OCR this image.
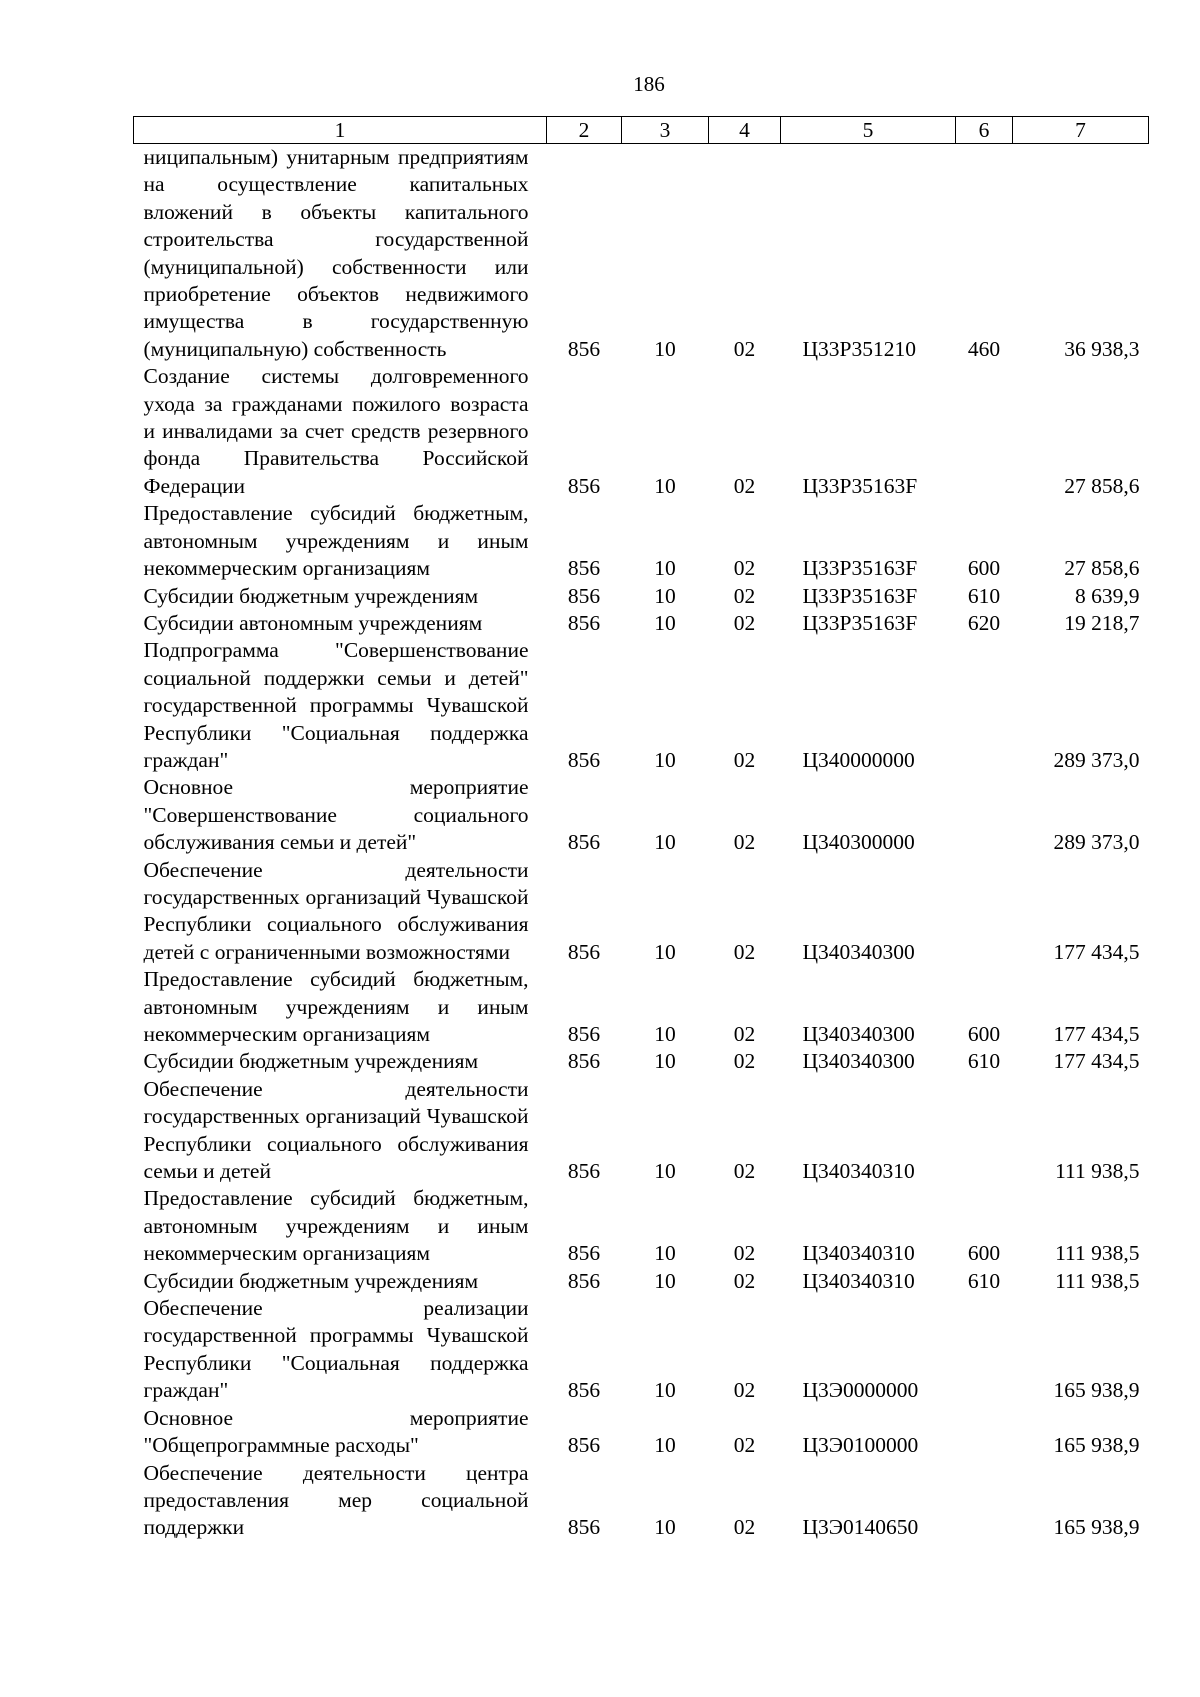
186
1	2	3	4	5	6	7
ниципальным) унитарным предприятиям на осуществление капитальных вложений в объекты капитального строительства государственной (муниципальной) собственности или приобретение объектов недвижимого имущества в государственную (муниципальную) собственность	856	10	02	Ц33Р351210	460	36 938,3
Создание системы долговременного ухода за гражданами пожилого возраста и инвалидами за счет средств резервного фонда Правительства Российской Федерации	856	10	02	Ц33Р35163F		27 858,6
Предоставление субсидий бюджетным, автономным учреждениям и иным некоммерческим организациям	856	10	02	Ц33Р35163F	600	27 858,6
Субсидии бюджетным учреждениям	856	10	02	Ц33Р35163F	610	8 639,9
Субсидии автономным учреждениям	856	10	02	Ц33Р35163F	620	19 218,7
Подпрограмма "Совершенствование социальной поддержки семьи и детей" государственной программы Чувашской Республики "Социальная поддержка граждан"	856	10	02	Ц340000000		289 373,0
Основное мероприятие "Совершенствование социального обслуживания семьи и детей"	856	10	02	Ц340300000		289 373,0
Обеспечение деятельности государственных организаций Чувашской Республики социального обслуживания детей с ограниченными возможностями	856	10	02	Ц340340300		177 434,5
Предоставление субсидий бюджетным, автономным учреждениям и иным некоммерческим организациям	856	10	02	Ц340340300	600	177 434,5
Субсидии бюджетным учреждениям	856	10	02	Ц340340300	610	177 434,5
Обеспечение деятельности государственных организаций Чувашской Республики социального обслуживания семьи и детей	856	10	02	Ц340340310		111 938,5
Предоставление субсидий бюджетным, автономным учреждениям и иным некоммерческим организациям	856	10	02	Ц340340310	600	111 938,5
Субсидии бюджетным учреждениям	856	10	02	Ц340340310	610	111 938,5
Обеспечение реализации государственной программы Чувашской Республики "Социальная поддержка граждан"	856	10	02	Ц3Э0000000		165 938,9
Основное мероприятие "Общепрограммные расходы"	856	10	02	Ц3Э0100000		165 938,9
Обеспечение деятельности центра предоставления мер социальной поддержки	856	10	02	Ц3Э0140650		165 938,9
